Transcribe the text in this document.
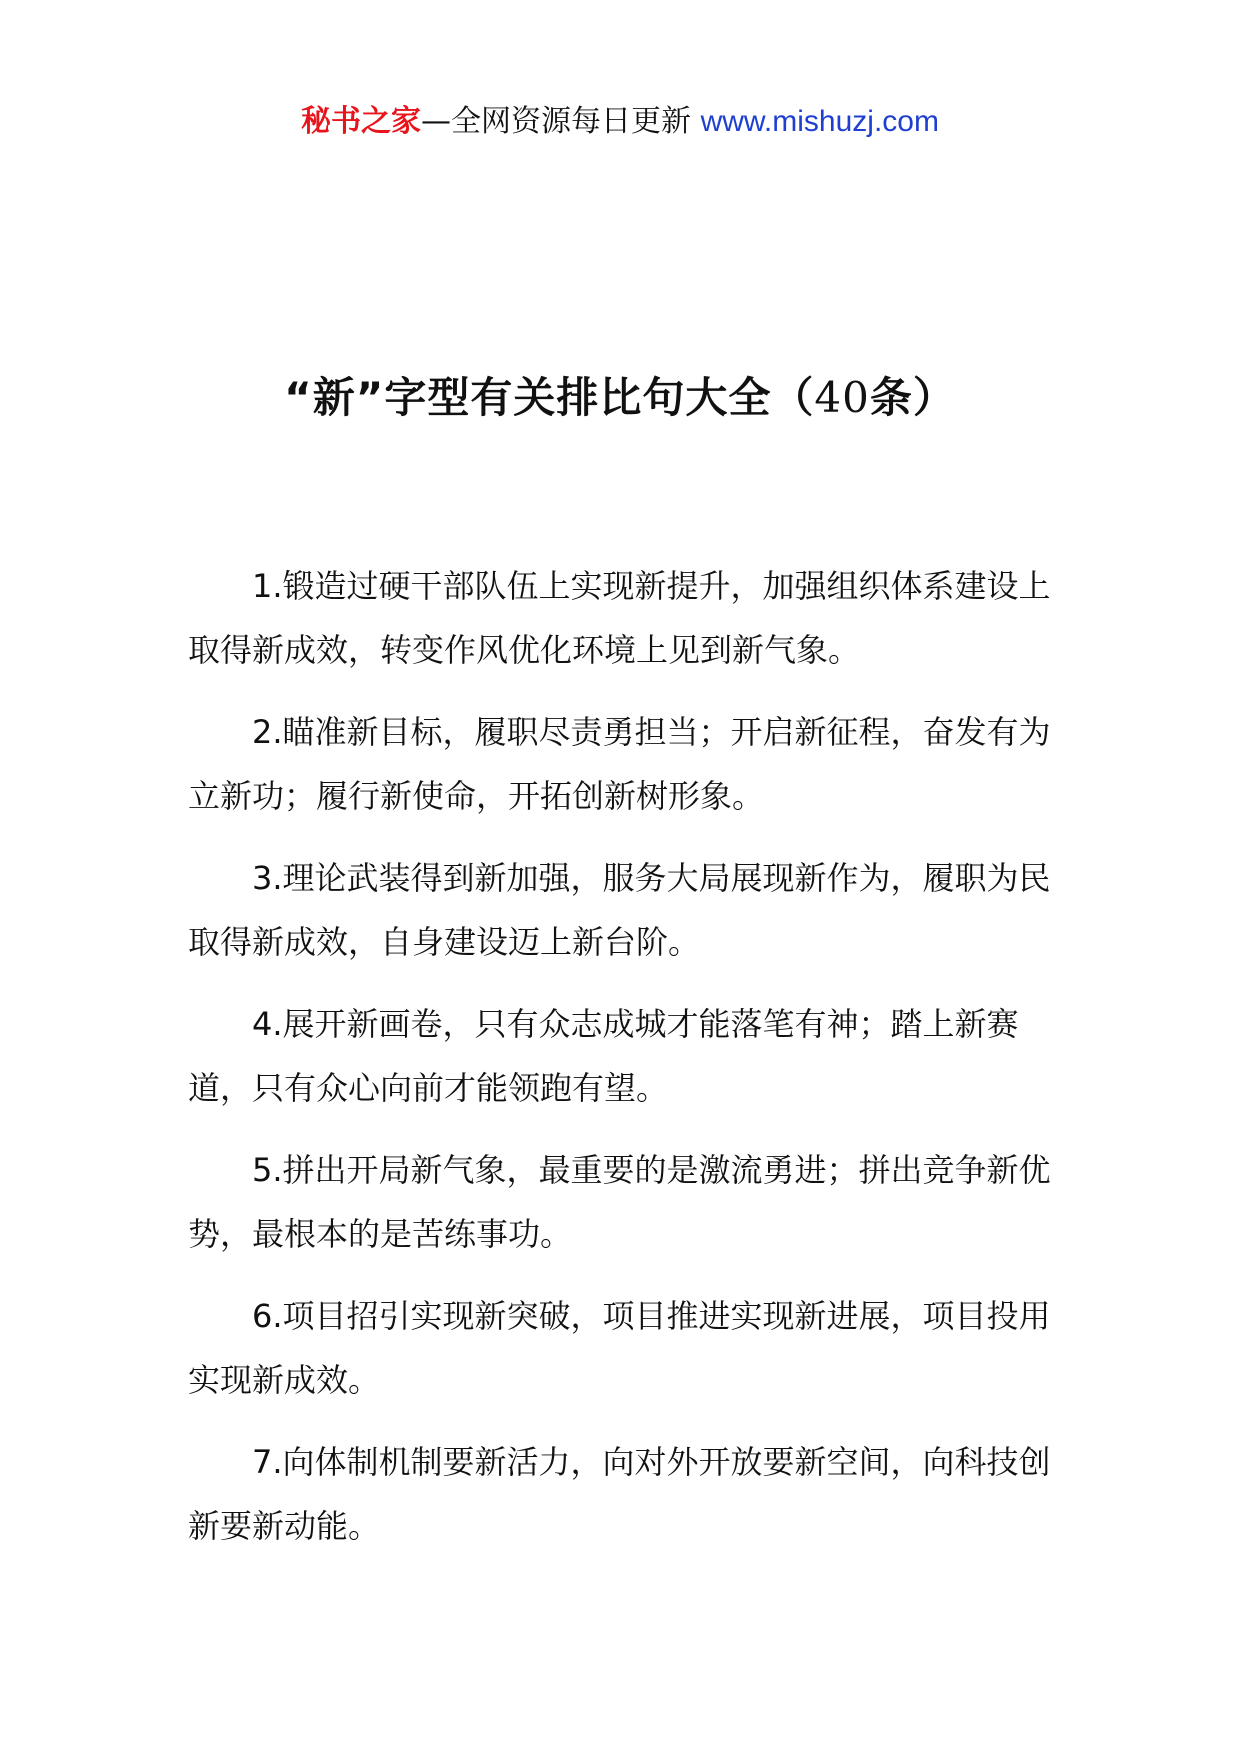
秘书之家—全网资源每日更新 www.mishuzj.com
“新”字型有关排比句大全（40条）

1.锻造过硬干部队伍上实现新提升，加强组织体系建设上取得新成效，转变作风优化环境上见到新气象。

2.瞄准新目标，履职尽责勇担当；开启新征程，奋发有为立新功；履行新使命，开拓创新树形象。

3.理论武装得到新加强，服务大局展现新作为，履职为民取得新成效，自身建设迈上新台阶。

4.展开新画卷，只有众志成城才能落笔有神；踏上新赛道，只有众心向前才能领跑有望。

5.拼出开局新气象，最重要的是激流勇进；拼出竞争新优势，最根本的是苦练事功。

6.项目招引实现新突破，项目推进实现新进展，项目投用实现新成效。

7.向体制机制要新活力，向对外开放要新空间，向科技创新要新动能。
